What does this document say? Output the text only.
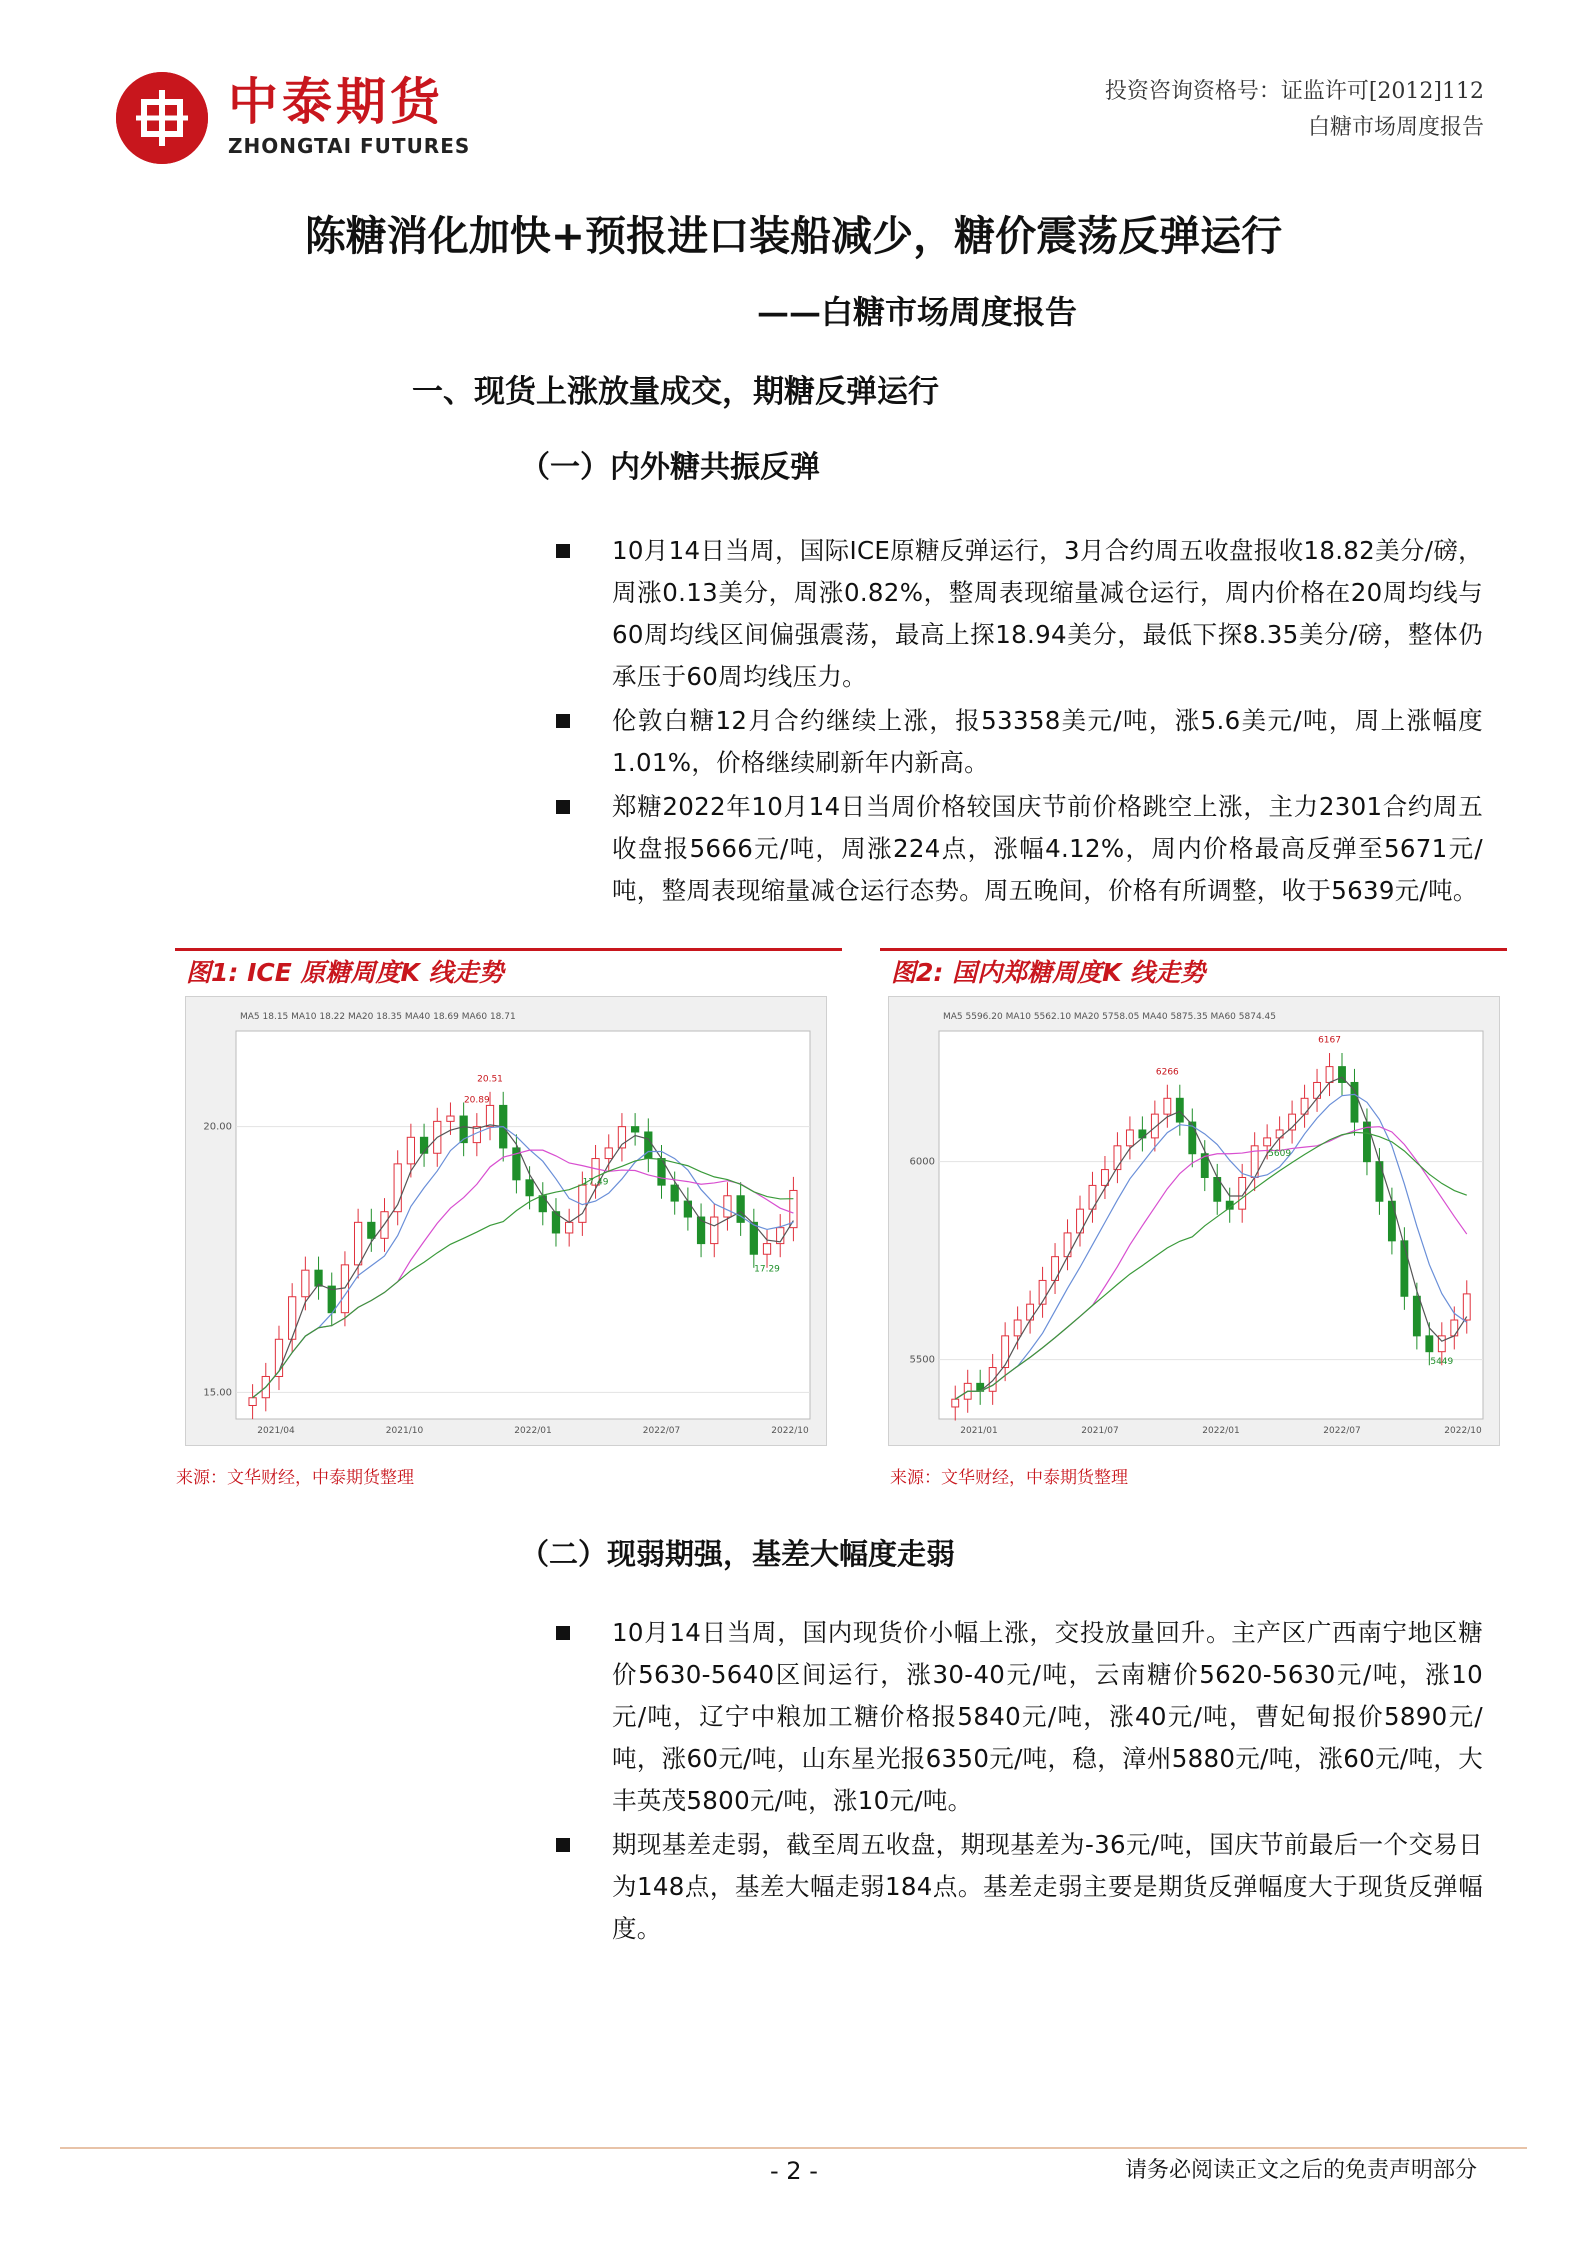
中泰期货
ZHONGTAI FUTURES
投资咨询资格号：证监许可[2012]112
白糖市场周度报告
陈糖消化加快+预报进口装船减少，糖价震荡反弹运行
——白糖市场周度报告
一、现货上涨放量成交，期糖反弹运行
（一）内外糖共振反弹
10月14日当周，国际ICE原糖反弹运行，3月合约周五收盘报收18.82美分/磅，周涨0.13美分，周涨0.82%，整周表现缩量减仓运行，周内价格在20周均线与60周均线区间偏强震荡，最高上探18.94美分，最低下探8.35美分/磅，整体仍承压于60周均线压力。
伦敦白糖12月合约继续上涨，报53358美元/吨，涨5.6美元/吨，周上涨幅度1.01%，价格继续刷新年内新高。
郑糖2022年10月14日当周价格较国庆节前价格跳空上涨，主力2301合约周五收盘报5666元/吨，周涨224点，涨幅4.12%，周内价格最高反弹至5671元/吨，整周表现缩量减仓运行态势。周五晚间，价格有所调整，收于5639元/吨。
图1: ICE 原糖周度K 线走势
MA5 18.15 MA10 18.22 MA20 18.35 MA40 18.69 MA60 18.71
20.00
15.00
2021/04	2021/10	2022/01	2022/07	2022/10
20.89
20.51
17.49
17.29
来源：文华财经，中泰期货整理
图2: 国内郑糖周度K 线走势
MA5 5596.20 MA10 5562.10 MA20 5758.05 MA40 5875.35 MA60 5874.45
6000
5500
2021/01	2021/07	2022/01	2022/07	2022/10
6266
6167
5609
5449
来源：文华财经，中泰期货整理
（二）现弱期强，基差大幅度走弱
10月14日当周，国内现货价小幅上涨，交投放量回升。主产区广西南宁地区糖价5630-5640区间运行，涨30-40元/吨，云南糖价5620-5630元/吨，涨10元/吨，辽宁中粮加工糖价格报5840元/吨，涨40元/吨，曹妃甸报价5890元/吨，涨60元/吨，山东星光报6350元/吨，稳，漳州5880元/吨，涨60元/吨，大丰英茂5800元/吨，涨10元/吨。
期现基差走弱，截至周五收盘，期现基差为-36元/吨，国庆节前最后一个交易日为148点，基差大幅走弱184点。基差走弱主要是期货反弹幅度大于现货反弹幅度。
- 2 -	请务必阅读正文之后的免责声明部分
